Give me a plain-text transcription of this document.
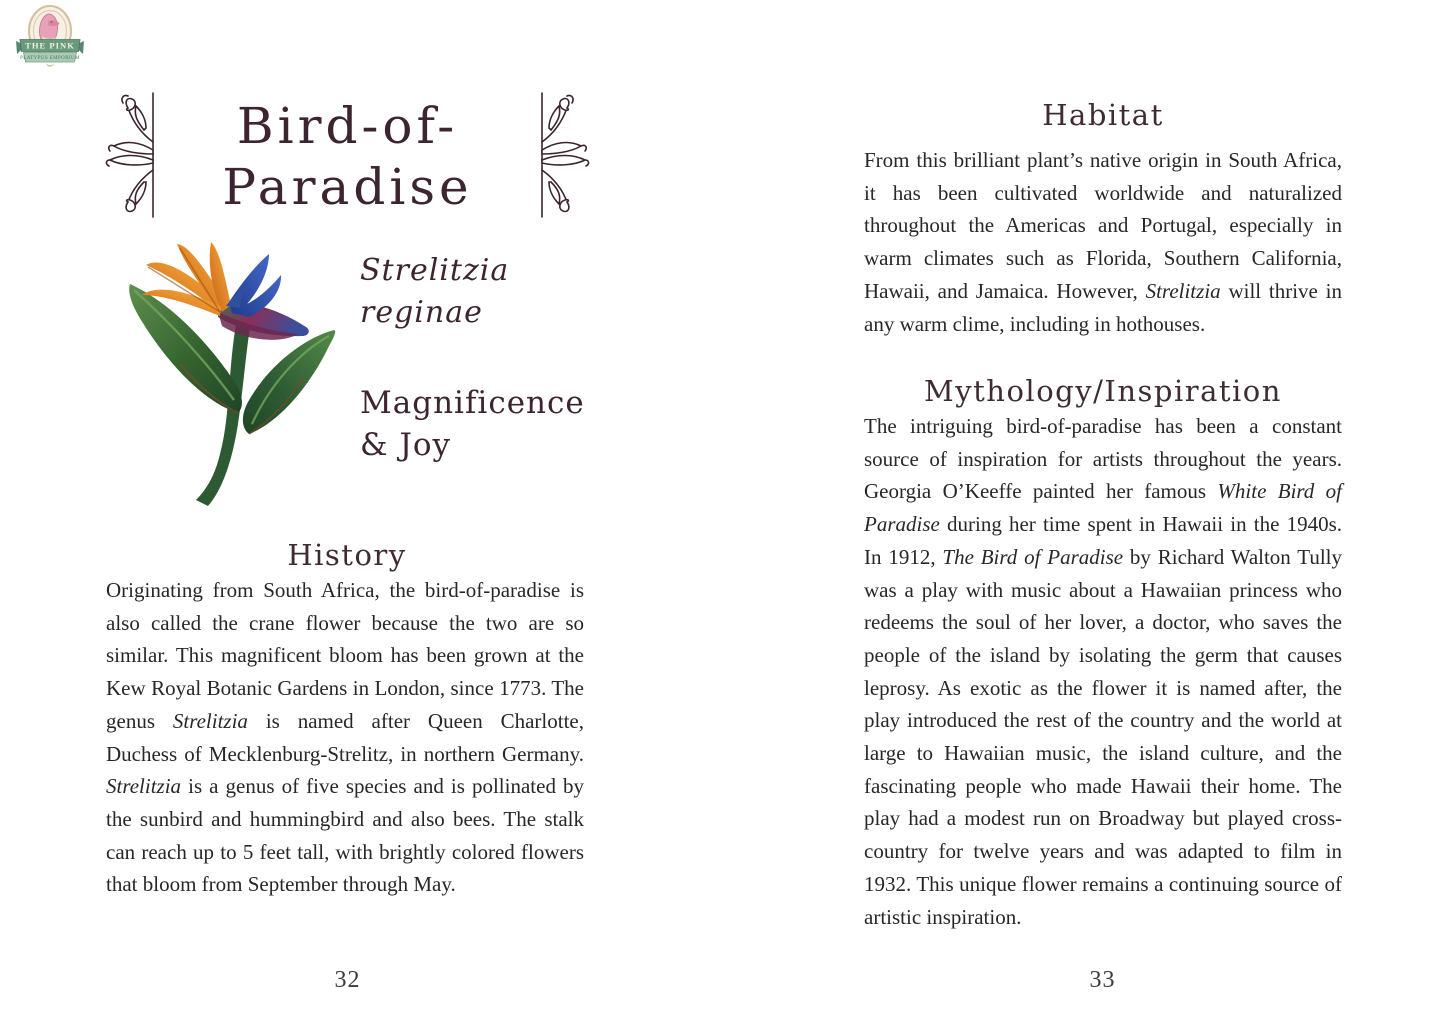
THE PINK
PLATYPUS EMPORIUM
Bird-of-
Paradise
Strelitzia
reginae
Magnificence
& Joy
History

Originating from South Africa, the bird-of-paradise is also called the crane flower because the two are so similar. This magnificent bloom has been grown at the Kew Royal Botanic Gardens in London, since 1773. The genus Strelitzia is named after Queen Charlotte, Duchess of Mecklenburg-Strelitz, in northern Germany. Strelitzia is a genus of five species and is pollinated by the sunbird and hummingbird and also bees. The stalk can reach up to 5 feet tall, with brightly colored flowers that bloom from September through May.

32
Habitat

From this brilliant plant’s native origin in South Africa, it has been cultivated worldwide and naturalized throughout the Americas and Portugal, especially in warm climates such as Florida, Southern California, Hawaii, and Jamaica. However, Strelitzia will thrive in any warm clime, including in hothouses.

Mythology/Inspiration

The intriguing bird-of-paradise has been a constant source of inspiration for artists throughout the years. Georgia O’Keeffe painted her famous White Bird of Paradise during her time spent in Hawaii in the 1940s. In 1912, The Bird of Paradise by Richard Walton Tully was a play with music about a Hawaiian princess who redeems the soul of her lover, a doctor, who saves the people of the island by isolating the germ that causes leprosy. As exotic as the flower it is named after, the play introduced the rest of the country and the world at large to Hawaiian music, the island culture, and the fascinating people who made Hawaii their home. The play had a modest run on Broadway but played cross-country for twelve years and was adapted to film in 1932. This unique flower remains a continuing source of artistic inspiration.

33
